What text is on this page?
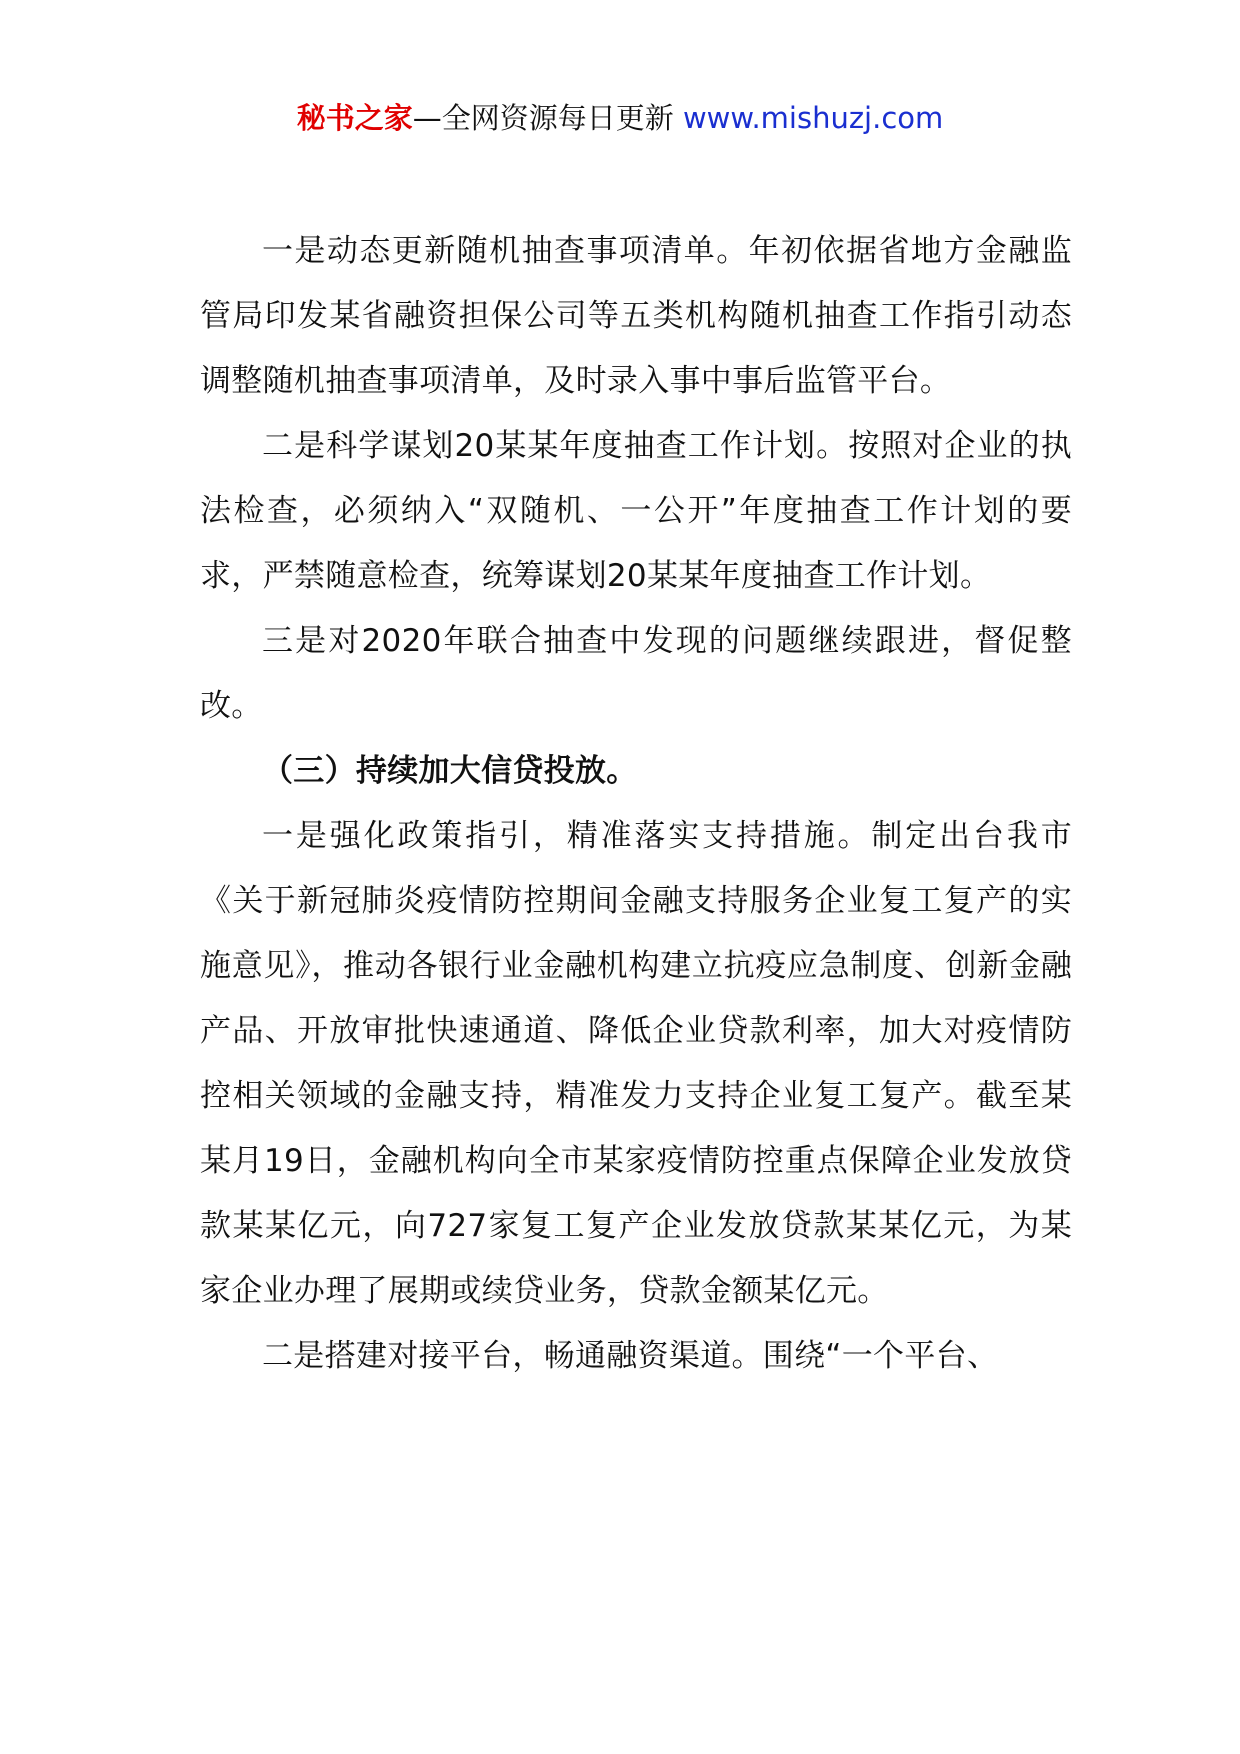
秘书之家—全网资源每日更新 www.mishuzj.com

一是动态更新随机抽查事项清单。年初依据省地方金融监管局印发某省融资担保公司等五类机构随机抽查工作指引动态调整随机抽查事项清单，及时录入事中事后监管平台。

二是科学谋划20某某年度抽查工作计划。按照对企业的执法检查，必须纳入“双随机、一公开”年度抽查工作计划的要求，严禁随意检查，统筹谋划20某某年度抽查工作计划。

三是对2020年联合抽查中发现的问题继续跟进，督促整改。

（三）持续加大信贷投放。

一是强化政策指引，精准落实支持措施。制定出台我市《关于新冠肺炎疫情防控期间金融支持服务企业复工复产的实施意见》，推动各银行业金融机构建立抗疫应急制度、创新金融产品、开放审批快速通道、降低企业贷款利率，加大对疫情防控相关领域的金融支持，精准发力支持企业复工复产。截至某某月19日，金融机构向全市某家疫情防控重点保障企业发放贷款某某亿元，向727家复工复产企业发放贷款某某亿元，为某家企业办理了展期或续贷业务，贷款金额某亿元。

二是搭建对接平台，畅通融资渠道。围绕“一个平台、
